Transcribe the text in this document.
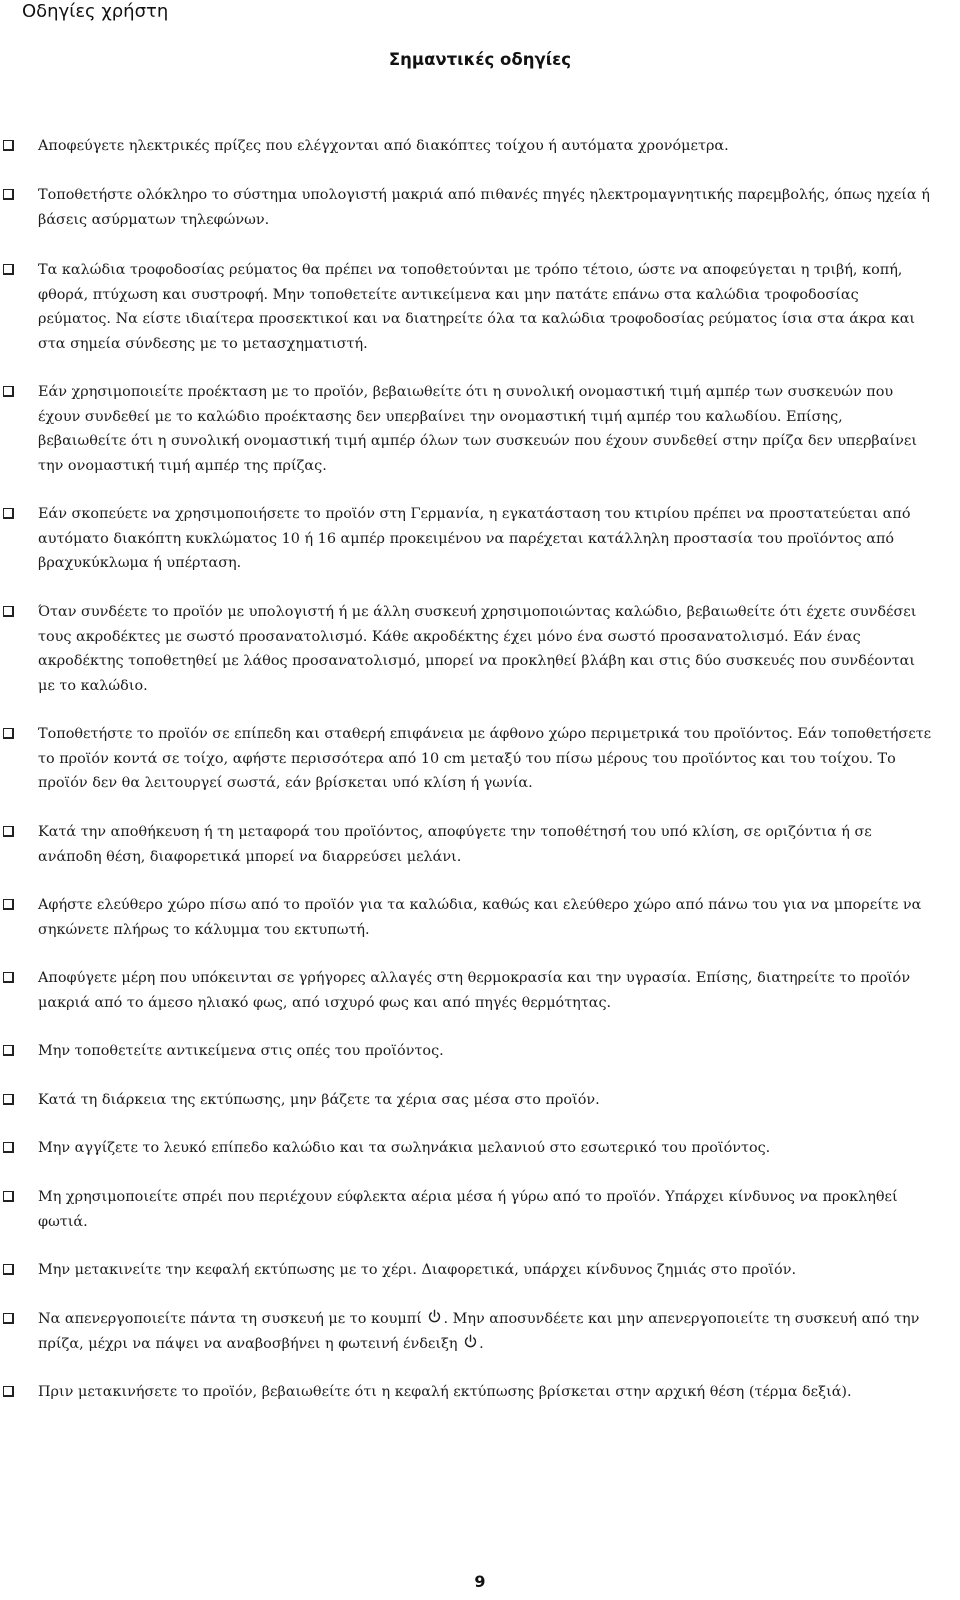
Οδηγίες χρήστη
Σημαντικές οδηγίες
Αποφεύγετε ηλεκτρικές πρίζες που ελέγχονται από διακόπτες τοίχου ή αυτόματα χρονόμετρα.
Τοποθετήστε ολόκληρο το σύστημα υπολογιστή μακριά από πιθανές πηγές ηλεκτρομαγνητικής παρεμβολής, όπως ηχεία ή βάσεις ασύρματων τηλεφώνων.
Τα καλώδια τροφοδοσίας ρεύματος θα πρέπει να τοποθετούνται με τρόπο τέτοιο, ώστε να αποφεύγεται η τριβή, κοπή, φθορά, πτύχωση και συστροφή. Μην τοποθετείτε αντικείμενα και μην πατάτε επάνω στα καλώδια τροφοδοσίας ρεύματος. Να είστε ιδιαίτερα προσεκτικοί και να διατηρείτε όλα τα καλώδια τροφοδοσίας ρεύματος ίσια στα άκρα και στα σημεία σύνδεσης με το μετασχηματιστή.
Εάν χρησιμοποιείτε προέκταση με το προϊόν, βεβαιωθείτε ότι η συνολική ονομαστική τιμή αμπέρ των συσκευών που έχουν συνδεθεί με το καλώδιο προέκτασης δεν υπερβαίνει την ονομαστική τιμή αμπέρ του καλωδίου. Επίσης, βεβαιωθείτε ότι η συνολική ονομαστική τιμή αμπέρ όλων των συσκευών που έχουν συνδεθεί στην πρίζα δεν υπερβαίνει την ονομαστική τιμή αμπέρ της πρίζας.
Εάν σκοπεύετε να χρησιμοποιήσετε το προϊόν στη Γερμανία, η εγκατάσταση του κτιρίου πρέπει να προστατεύεται από αυτόματο διακόπτη κυκλώματος 10 ή 16 αμπέρ προκειμένου να παρέχεται κατάλληλη προστασία του προϊόντος από βραχυκύκλωμα ή υπέρταση.
Όταν συνδέετε το προϊόν με υπολογιστή ή με άλλη συσκευή χρησιμοποιώντας καλώδιο, βεβαιωθείτε ότι έχετε συνδέσει τους ακροδέκτες με σωστό προσανατολισμό. Κάθε ακροδέκτης έχει μόνο ένα σωστό προσανατολισμό. Εάν ένας ακροδέκτης τοποθετηθεί με λάθος προσανατολισμό, μπορεί να προκληθεί βλάβη και στις δύο συσκευές που συνδέονται με το καλώδιο.
Τοποθετήστε το προϊόν σε επίπεδη και σταθερή επιφάνεια με άφθονο χώρο περιμετρικά του προϊόντος. Εάν τοποθετήσετε το προϊόν κοντά σε τοίχο, αφήστε περισσότερα από 10 cm μεταξύ του πίσω μέρους του προϊόντος και του τοίχου. Το προϊόν δεν θα λειτουργεί σωστά, εάν βρίσκεται υπό κλίση ή γωνία.
Κατά την αποθήκευση ή τη μεταφορά του προϊόντος, αποφύγετε την τοποθέτησή του υπό κλίση, σε οριζόντια ή σε ανάποδη θέση, διαφορετικά μπορεί να διαρρεύσει μελάνι.
Αφήστε ελεύθερο χώρο πίσω από το προϊόν για τα καλώδια, καθώς και ελεύθερο χώρο από πάνω του για να μπορείτε να σηκώνετε πλήρως το κάλυμμα του εκτυπωτή.
Αποφύγετε μέρη που υπόκεινται σε γρήγορες αλλαγές στη θερμοκρασία και την υγρασία. Επίσης, διατηρείτε το προϊόν μακριά από το άμεσο ηλιακό φως, από ισχυρό φως και από πηγές θερμότητας.
Μην τοποθετείτε αντικείμενα στις οπές του προϊόντος.
Κατά τη διάρκεια της εκτύπωσης, μην βάζετε τα χέρια σας μέσα στο προϊόν.
Μην αγγίζετε το λευκό επίπεδο καλώδιο και τα σωληνάκια μελανιού στο εσωτερικό του προϊόντος.
Μη χρησιμοποιείτε σπρέι που περιέχουν εύφλεκτα αέρια μέσα ή γύρω από το προϊόν. Υπάρχει κίνδυνος να προκληθεί φωτιά.
Μην μετακινείτε την κεφαλή εκτύπωσης με το χέρι. Διαφορετικά, υπάρχει κίνδυνος ζημιάς στο προϊόν.
Να απενεργοποιείτε πάντα τη συσκευή με το κουμπί . Μην αποσυνδέετε και μην απενεργοποιείτε τη συσκευή από την πρίζα, μέχρι να πάψει να αναβοσβήνει η φωτεινή ένδειξη .
Πριν μετακινήσετε το προϊόν, βεβαιωθείτε ότι η κεφαλή εκτύπωσης βρίσκεται στην αρχική θέση (τέρμα δεξιά).
9
